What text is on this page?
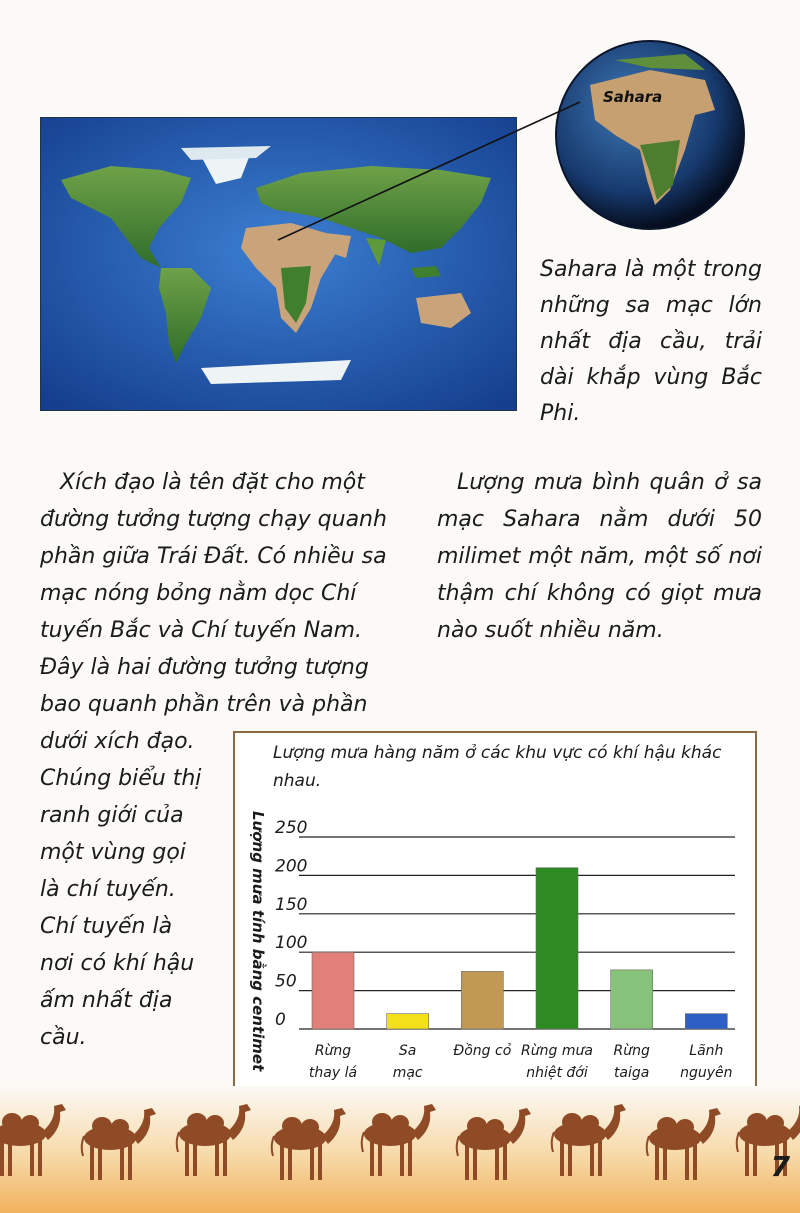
Sahara
Sahara là một trong những sa mạc lớn nhất địa cầu, trải dài khắp vùng Bắc Phi.

Xích đạo là tên đặt cho một đường tưởng tượng chạy quanh phần giữa Trái Đất. Có nhiều sa mạc nóng bỏng nằm dọc Chí tuyến Bắc và Chí tuyến Nam. Đây là hai đường tưởng tượng bao quanh phần trên và phần

dưới xích đạo. Chúng biểu thị ranh giới của một vùng gọi là chí tuyến. Chí tuyến là nơi có khí hậu ấm nhất địa cầu.

Lượng mưa bình quân ở sa mạc Sahara nằm dưới 50 milimet một năm, một số nơi thậm chí không có giọt mưa nào suốt nhiều năm.
Lượng mưa hàng năm ở các khu vực có khí hậu khác nhau.
0
50
100
150
200
250
Lượng mưa tính bằng centimet	Rừng
thay lá
Sa
mạc
Đồng cỏ Rừng mưa
nhiệt đới
Rừng
taiga
Lãnh
nguyên
7
